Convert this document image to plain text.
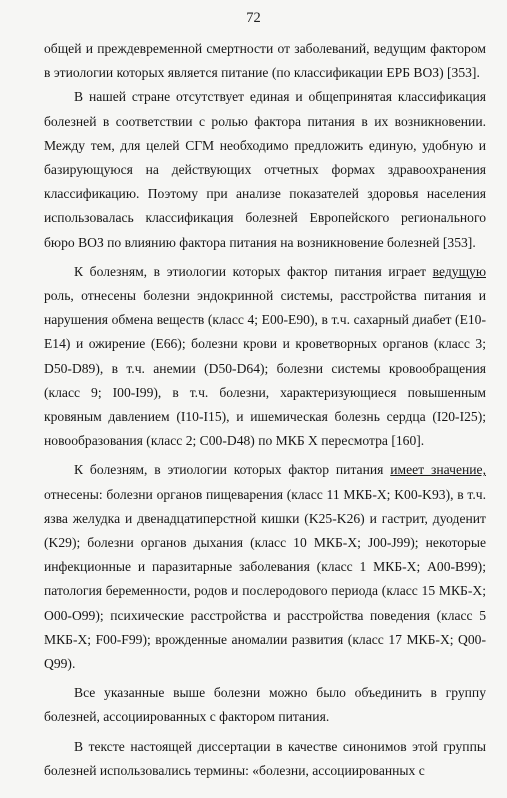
72

общей и преждевременной смертности от заболеваний, ведущим фактором в этиологии которых является питание (по классификации ЕРБ ВОЗ) [353].

В нашей стране отсутствует единая и общепринятая классификация болезней в соответствии с ролью фактора питания в их возникновении. Между тем, для целей СГМ необходимо предложить единую, удобную и базирующуюся на действующих отчетных формах здравоохранения классификацию. Поэтому при анализе показателей здоровья населения использовалась классификация болезней Европейского регионального бюро ВОЗ по влиянию фактора питания на возникновение болезней [353].

К болезням, в этиологии которых фактор питания играет ведущую роль, отнесены болезни эндокринной системы, расстройства питания и нарушения обмена веществ (класс 4; E00-E90), в т.ч. сахарный диабет (E10-E14) и ожирение (E66); болезни крови и кроветворных органов (класс 3; D50-D89), в т.ч. анемии (D50-D64); болезни системы кровообращения (класс 9; I00-I99), в т.ч. болезни, характеризующиеся повышенным кровяным давлением (I10-I15), и ишемическая болезнь сердца (I20-I25); новообразования (класс 2; C00-D48) по МКБ X пересмотра [160].

К болезням, в этиологии которых фактор питания имеет значение, отнесены: болезни органов пищеварения (класс 11 МКБ-Х; K00-K93), в т.ч. язва желудка и двенадцатиперстной кишки (K25-K26) и гастрит, дуоденит (K29); болезни органов дыхания (класс 10 МКБ-Х; J00-J99); некоторые инфекционные и паразитарные заболевания (класс 1 МКБ-Х; A00-B99); патология беременности, родов и послеродового периода (класс 15 МКБ-Х; O00-O99); психические расстройства и расстройства поведения (класс 5 МКБ-Х; F00-F99); врожденные аномалии развития (класс 17 МКБ-Х; Q00-Q99).

Все указанные выше болезни можно было объединить в группу болезней, ассоциированных с фактором питания.

В тексте настоящей диссертации в качестве синонимов этой группы болезней использовались термины: «болезни, ассоциированных с
